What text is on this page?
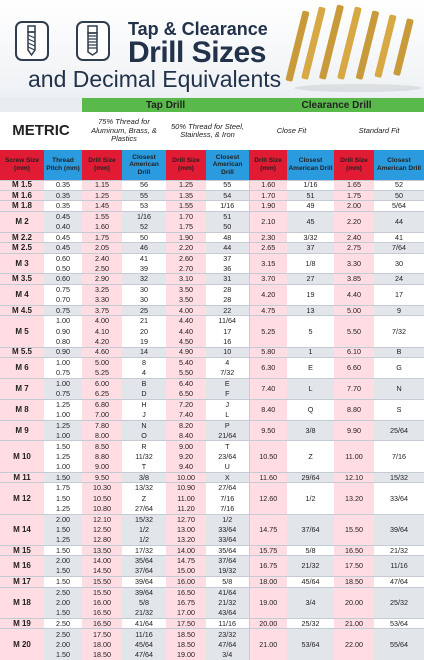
Tap & Clearance
Drill Sizes
and Decimal Equivalents
		Tap Drill				Clearance Drill			
METRIC		75% Thread for Aluminum, Brass, & Plastics		50% Thread for Steel, Stainless, & Iron		Close Fit		Standard Fit	
Screw Size (mm)	Thread Pitch (mm)	Drill Size (mm)	Closest American Drill	Drill Size (mm)	Closest American Drill	Drill Size (mm)	Closest American Drill	Drill Size (mm)	Closest American Drill
M 1.5	0.35	1.15	56	1.25	55	1.60	1/16	1.65	52
M 1.6	0.35	1.25	55	1.35	54	1.70	51	1.75	50
M 1.8	0.35	1.45	53	1.55	1/16	1.90	49	2.00	5/64
M 2	0.45	1.55	1/16	1.70	51	2.10	45	2.20	44
	0.40	1.60	52	1.75	50				
M 2.2	0.45	1.75	50	1.90	48	2.30	3/32	2.40	41
M 2.5	0.45	2.05	46	2.20	44	2.65	37	2.75	7/64
M 3	0.60	2.40	41	2.60	37	3.15	1/8	3.30	30
	0.50	2.50	39	2.70	36				
M 3.5	0.60	2.90	32	3.10	31	3.70	27	3.85	24
M 4	0.75	3.25	30	3.50	28	4.20	19	4.40	17
	0.70	3.30	30	3.50	28				
M 4.5	0.75	3.75	25	4.00	22	4.75	13	5.00	9
M 5	1.00	4.00	21	4.40	11/64	5.25	5	5.50	7/32
	0.90	4.10	20	4.40	17				
	0.80	4.20	19	4.50	16				
M 5.5	0.90	4.60	14	4.90	10	5.80	1	6.10	B
M 6	1.00	5.00	8	5.40	4	6.30	E	6.60	G
	0.75	5.25	4	5.50	7/32				
M 7	1.00	6.00	B	6.40	E	7.40	L	7.70	N
	0.75	6.25	D	6.50	F				
M 8	1.25	6.80	H	7.20	J	8.40	Q	8.80	S
	1.00	7.00	J	7.40	L				
M 9	1.25	7.80	N	8.20	P	9.50	3/8	9.90	25/64
	1.00	8.00	O	8.40	21/64				
M 10	1.50	8.50	R	9.00	T	10.50	Z	11.00	7/16
	1.25	8.80	11/32	9.20	23/64				
	1.00	9.00	T	9.40	U				
M 11	1.50	9.50	3/8	10.00	X	11.60	29/64	12.10	15/32
M 12	1.75	10.30	13/32	10.90	27/64	12.60	1/2	13.20	33/64
	1.50	10.50	Z	11.00	7/16				
	1.25	10.80	27/64	11.20	7/16				
M 14	2.00	12.10	15/32	12.70	1/2	14.75	37/64	15.50	39/64
	1.50	12.50	1/2	13.00	33/64				
	1.25	12.80	1/2	13.20	33/64				
M 15	1.50	13.50	17/32	14.00	35/64	15.75	5/8	16.50	21/32
M 16	2.00	14.00	35/64	14.75	37/64	16.75	21/32	17.50	11/16
	1.50	14.50	37/64	15.00	19/32				
M 17	1.50	15.50	39/64	16.00	5/8	18.00	45/64	18.50	47/64
M 18	2.50	15.50	39/64	16.50	41/64	19.00	3/4	20.00	25/32
	2.00	16.00	5/8	16.75	21/32				
	1.50	16.50	21/32	17.00	43/64				
M 19	2.50	16.50	41/64	17.50	11/16	20.00	25/32	21.00	53/64
M 20	2.50	17.50	11/16	18.50	23/32	21.00	53/64	22.00	55/64
	2.00	18.00	45/64	18.50	47/64				
	1.50	18.50	47/64	19.00	3/4				
